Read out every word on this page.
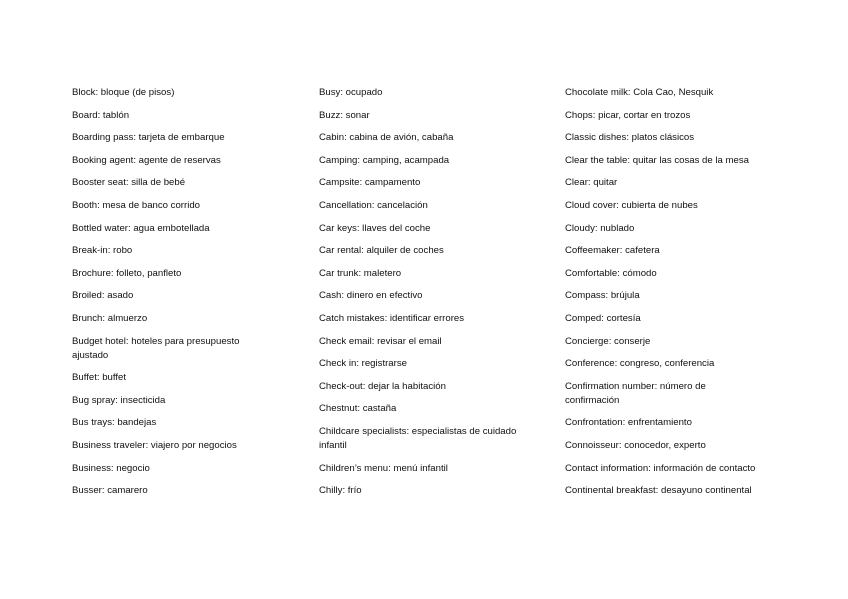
Block: bloque (de pisos)
Board: tablón
Boarding pass: tarjeta de embarque
Booking agent: agente de reservas
Booster seat: silla de bebé
Booth: mesa de banco corrido
Bottled water: agua embotellada
Break-in: robo
Brochure: folleto, panfleto
Broiled: asado
Brunch: almuerzo
Budget hotel: hoteles para presupuesto ajustado
Buffet: buffet
Bug spray: insecticida
Bus trays: bandejas
Business traveler: viajero por negocios
Business: negocio
Busser: camarero
Busy: ocupado
Buzz: sonar
Cabin: cabina de avión, cabaña
Camping: camping, acampada
Campsite: campamento
Cancellation: cancelación
Car keys: llaves del coche
Car rental: alquiler de coches
Car trunk: maletero
Cash: dinero en efectivo
Catch mistakes: identificar errores
Check email: revisar el email
Check in: registrarse
Check-out: dejar la habitación
Chestnut: castaña
Childcare specialists: especialistas de cuidado infantil
Children’s menu: menú infantil
Chilly: frío
Chocolate milk: Cola Cao, Nesquik
Chops: picar, cortar en trozos
Classic dishes: platos clásicos
Clear the table: quitar las cosas de la mesa
Clear: quitar
Cloud cover: cubierta de nubes
Cloudy: nublado
Coffeemaker: cafetera
Comfortable: cómodo
Compass: brújula
Comped: cortesía
Concierge: conserje
Conference: congreso, conferencia
Confirmation number: número de confirmación
Confrontation: enfrentamiento
Connoisseur: conocedor, experto
Contact information: información de contacto
Continental breakfast: desayuno continental
